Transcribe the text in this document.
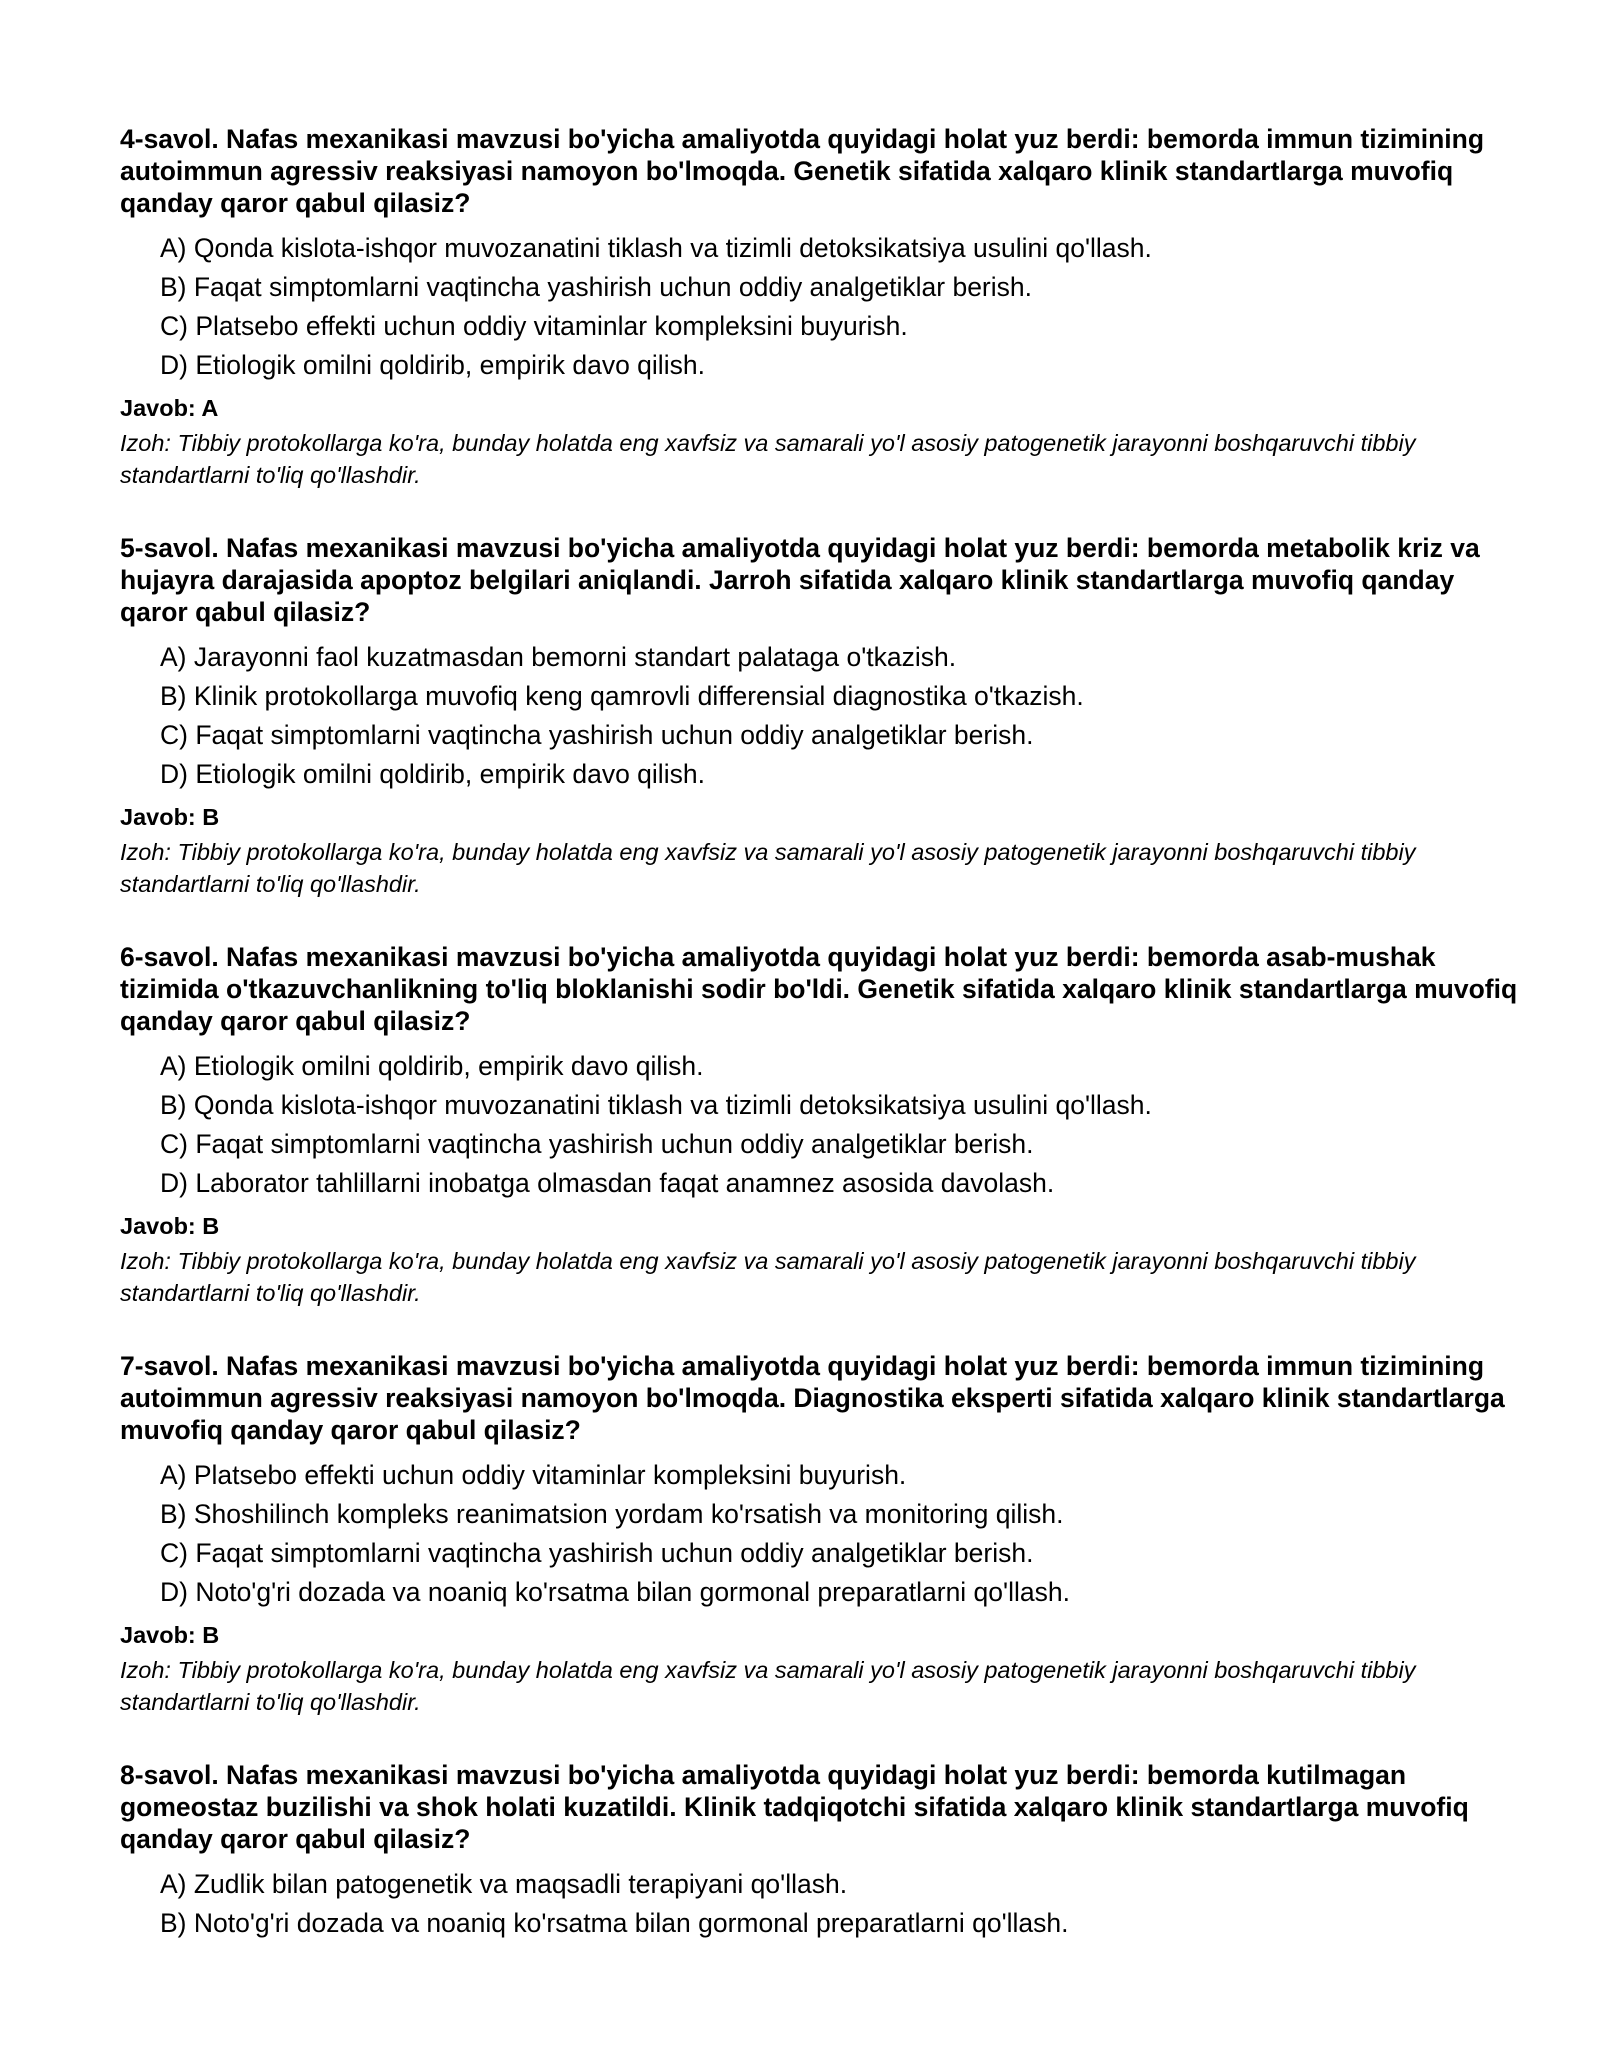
4-savol. Nafas mexanikasi mavzusi bo'yicha amaliyotda quyidagi holat yuz berdi: bemorda immun tizimining autoimmun agressiv reaksiyasi namoyon bo'lmoqda. Genetik sifatida xalqaro klinik standartlarga muvofiq qanday qaror qabul qilasiz?

A) Qonda kislota-ishqor muvozanatini tiklash va tizimli detoksikatsiya usulini qo'llash.
B) Faqat simptomlarni vaqtincha yashirish uchun oddiy analgetiklar berish.
C) Platsebo effekti uchun oddiy vitaminlar kompleksini buyurish.
D) Etiologik omilni qoldirib, empirik davo qilish.

Javob: A

Izoh: Tibbiy protokollarga ko'ra, bunday holatda eng xavfsiz va samarali yo'l asosiy patogenetik jarayonni boshqaruvchi tibbiy standartlarni to'liq qo'llashdir.

5-savol. Nafas mexanikasi mavzusi bo'yicha amaliyotda quyidagi holat yuz berdi: bemorda metabolik kriz va hujayra darajasida apoptoz belgilari aniqlandi. Jarroh sifatida xalqaro klinik standartlarga muvofiq qanday qaror qabul qilasiz?

A) Jarayonni faol kuzatmasdan bemorni standart palataga o'tkazish.
B) Klinik protokollarga muvofiq keng qamrovli differensial diagnostika o'tkazish.
C) Faqat simptomlarni vaqtincha yashirish uchun oddiy analgetiklar berish.
D) Etiologik omilni qoldirib, empirik davo qilish.

Javob: B

Izoh: Tibbiy protokollarga ko'ra, bunday holatda eng xavfsiz va samarali yo'l asosiy patogenetik jarayonni boshqaruvchi tibbiy standartlarni to'liq qo'llashdir.

6-savol. Nafas mexanikasi mavzusi bo'yicha amaliyotda quyidagi holat yuz berdi: bemorda asab-mushak tizimida o'tkazuvchanlikning to'liq bloklanishi sodir bo'ldi. Genetik sifatida xalqaro klinik standartlarga muvofiq qanday qaror qabul qilasiz?

A) Etiologik omilni qoldirib, empirik davo qilish.
B) Qonda kislota-ishqor muvozanatini tiklash va tizimli detoksikatsiya usulini qo'llash.
C) Faqat simptomlarni vaqtincha yashirish uchun oddiy analgetiklar berish.
D) Laborator tahlillarni inobatga olmasdan faqat anamnez asosida davolash.

Javob: B

Izoh: Tibbiy protokollarga ko'ra, bunday holatda eng xavfsiz va samarali yo'l asosiy patogenetik jarayonni boshqaruvchi tibbiy standartlarni to'liq qo'llashdir.

7-savol. Nafas mexanikasi mavzusi bo'yicha amaliyotda quyidagi holat yuz berdi: bemorda immun tizimining autoimmun agressiv reaksiyasi namoyon bo'lmoqda. Diagnostika eksperti sifatida xalqaro klinik standartlarga muvofiq qanday qaror qabul qilasiz?

A) Platsebo effekti uchun oddiy vitaminlar kompleksini buyurish.
B) Shoshilinch kompleks reanimatsion yordam ko'rsatish va monitoring qilish.
C) Faqat simptomlarni vaqtincha yashirish uchun oddiy analgetiklar berish.
D) Noto'g'ri dozada va noaniq ko'rsatma bilan gormonal preparatlarni qo'llash.

Javob: B

Izoh: Tibbiy protokollarga ko'ra, bunday holatda eng xavfsiz va samarali yo'l asosiy patogenetik jarayonni boshqaruvchi tibbiy standartlarni to'liq qo'llashdir.

8-savol. Nafas mexanikasi mavzusi bo'yicha amaliyotda quyidagi holat yuz berdi: bemorda kutilmagan gomeostaz buzilishi va shok holati kuzatildi. Klinik tadqiqotchi sifatida xalqaro klinik standartlarga muvofiq qanday qaror qabul qilasiz?

A) Zudlik bilan patogenetik va maqsadli terapiyani qo'llash.
B) Noto'g'ri dozada va noaniq ko'rsatma bilan gormonal preparatlarni qo'llash.
